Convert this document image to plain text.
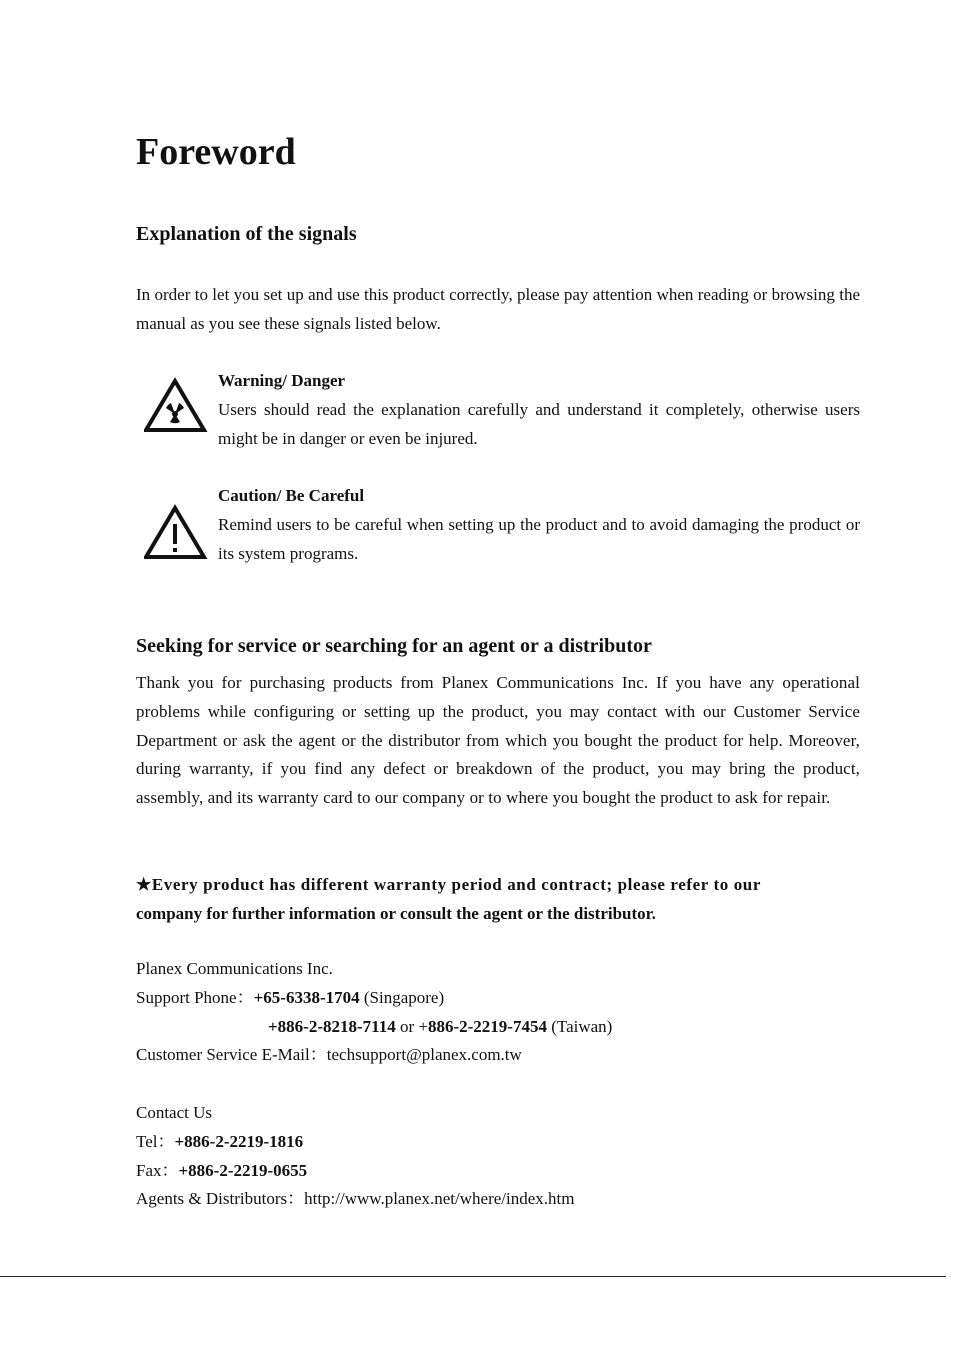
Foreword
Explanation of the signals

In order to let you set up and use this product correctly, please pay attention when reading or browsing the manual as you see these signals listed below.

Warning/ Danger
Users should read the explanation carefully and understand it completely, otherwise users might be in danger or even be injured.
Caution/ Be Careful
Remind users to be careful when setting up the product and to avoid damaging the product or its system programs.
Seeking for service or searching for an agent or a distributor

Thank you for purchasing products from Planex Communications Inc. If you have any operational problems while configuring or setting up the product, you may contact with our Customer Service Department or ask the agent or the distributor from which you bought the product for help. Moreover, during warranty, if you find any defect or breakdown of the product, you may bring the product, assembly, and its warranty card to our company or to where you bought the product to ask for repair.

★Every product has different warranty period and contract; please refer to our
company for further information or consult the agent or the distributor.
Planex Communications Inc.
Support Phone：+65-6338-1704 (Singapore)
+886-2-8218-7114 or +886-2-2219-7454 (Taiwan)
Customer Service E-Mail：techsupport@planex.com.tw
Contact Us
Tel：+886-2-2219-1816
Fax：+886-2-2219-0655
Agents & Distributors：http://www.planex.net/where/index.htm
